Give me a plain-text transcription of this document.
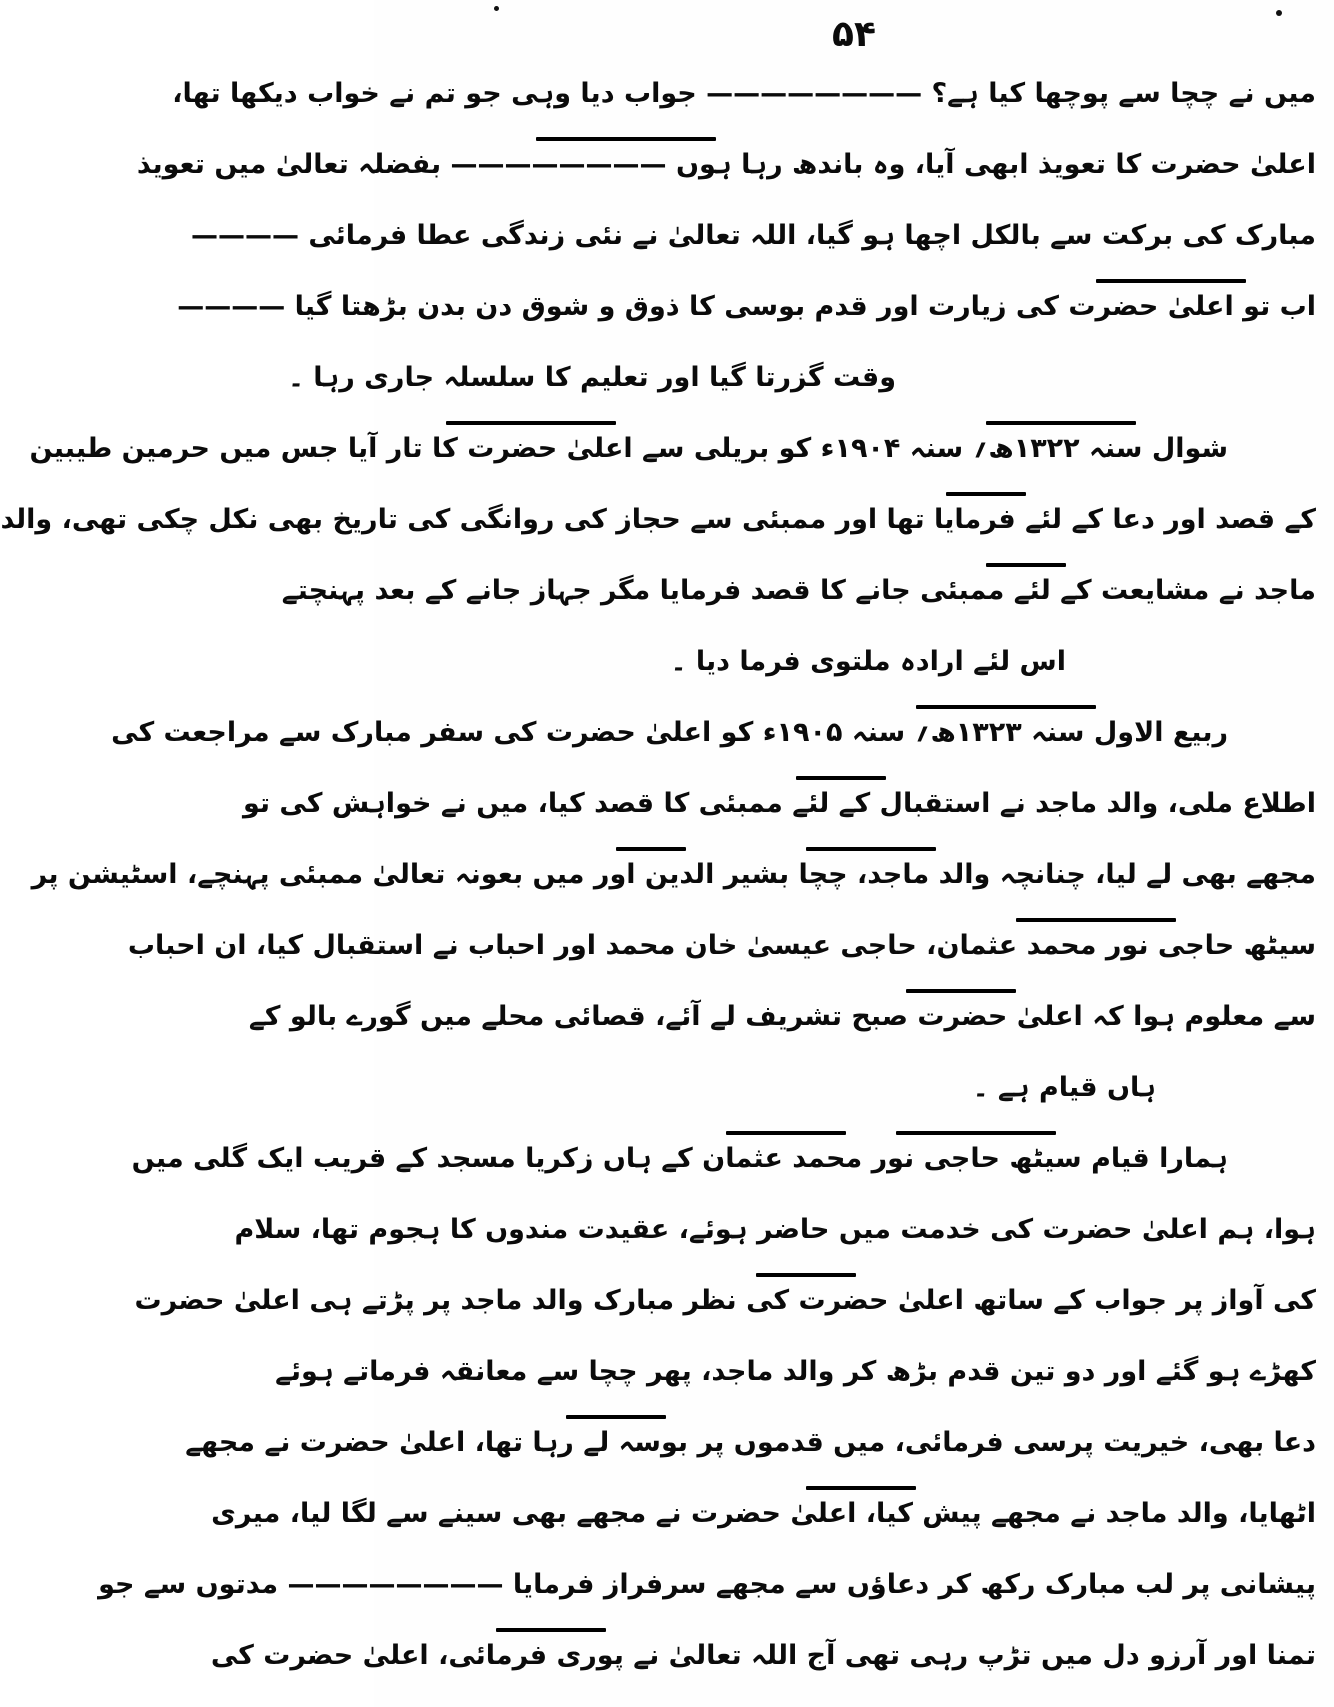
۵۴
میں نے چچا سے پوچھا کیا ہے؟ ———————— جواب دیا وہی جو تم نے خواب دیکھا تھا،
اعلیٰ حضرت کا تعویذ ابھی آیا، وہ باندھ رہا ہوں ———————— بفضلہ تعالیٰ میں تعویذ
مبارک کی برکت سے بالکل اچھا ہو گیا، اللہ تعالیٰ نے نئی زندگی عطا فرمائی ————
اب تو اعلیٰ حضرت کی زیارت اور قدم بوسی کا ذوق و شوق دن بدن بڑھتا گیا ————
وقت گزرتا گیا اور تعلیم کا سلسلہ جاری رہا ۔
شوال سنہ ۱۳۲۲ھ؍ سنہ ۱۹۰۴ء کو بریلی سے اعلیٰ حضرت کا تار آیا جس میں حرمین طیبین
کے قصد اور دعا کے لئے فرمایا تھا اور ممبئی سے حجاز کی روانگی کی تاریخ بھی نکل چکی تھی، والد
ماجد نے مشایعت کے لئے ممبئی جانے کا قصد فرمایا مگر جہاز جانے کے بعد پہنچتے
اس لئے ارادہ ملتوی فرما دیا ۔
ربیع الاول سنہ ۱۳۲۳ھ؍ سنہ ۱۹۰۵ء کو اعلیٰ حضرت کی سفر مبارک سے مراجعت کی
اطلاع ملی، والد ماجد نے استقبال کے لئے ممبئی کا قصد کیا، میں نے خواہش کی تو
مجھے بھی لے لیا، چنانچہ والد ماجد، چچا بشیر الدین اور میں بعونہ تعالیٰ ممبئی پہنچے، اسٹیشن پر
سیٹھ حاجی نور محمد عثمان، حاجی عیسیٰ خان محمد اور احباب نے استقبال کیا، ان احباب
سے معلوم ہوا کہ اعلیٰ حضرت صبح تشریف لے آئے، قصائی محلے میں گورے بالو کے
ہاں قیام ہے ۔
ہمارا قیام سیٹھ حاجی نور محمد عثمان کے ہاں زکریا مسجد کے قریب ایک گلی میں
ہوا، ہم اعلیٰ حضرت کی خدمت میں حاضر ہوئے، عقیدت مندوں کا ہجوم تھا، سلام
کی آواز پر جواب کے ساتھ اعلیٰ حضرت کی نظر مبارک والد ماجد پر پڑتے ہی اعلیٰ حضرت
کھڑے ہو گئے اور دو تین قدم بڑھ کر والد ماجد، پھر چچا سے معانقہ فرماتے ہوئے
دعا بھی، خیریت پرسی فرمائی، میں قدموں پر بوسہ لے رہا تھا، اعلیٰ حضرت نے مجھے
اٹھایا، والد ماجد نے مجھے پیش کیا، اعلیٰ حضرت نے مجھے بھی سینے سے لگا لیا، میری
پیشانی پر لب مبارک رکھ کر دعاؤں سے مجھے سرفراز فرمایا ———————— مدتوں سے جو
تمنا اور آرزو دل میں تڑپ رہی تھی آج اللہ تعالیٰ نے پوری فرمائی، اعلیٰ حضرت کی
